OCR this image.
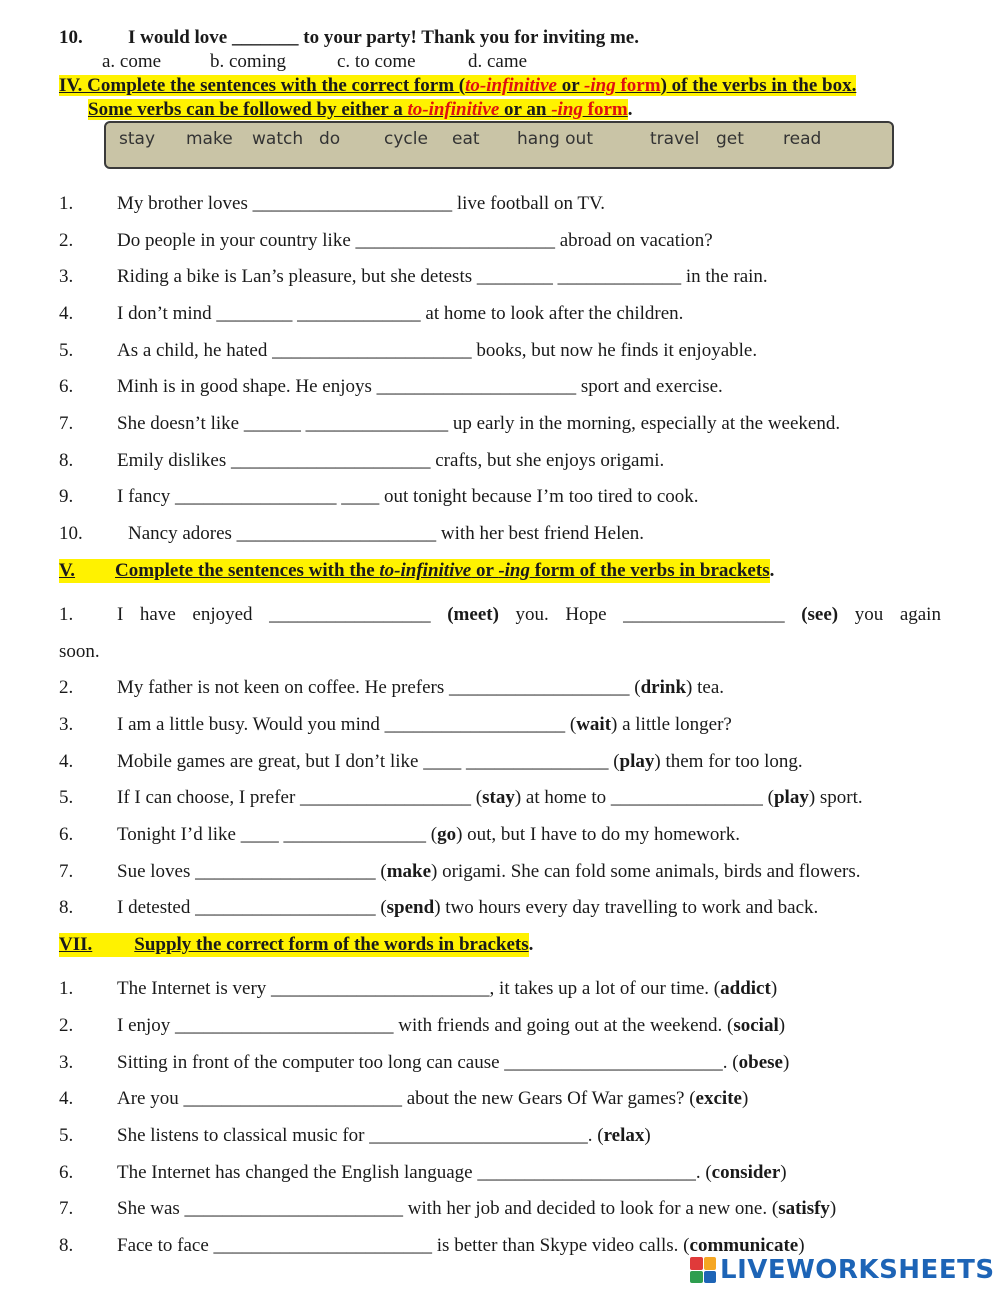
10. I would love _______ to your party! Thank you for inviting me.
a. come	b. coming	c. to come	d. came
IV. Complete the sentences with the correct form (to-infinitive or -ing form) of the verbs in the box.
Some verbs can be followed by either a to-infinitive or an -ing form.
stay make watch do	cycle eat hang out	travel get read
1. My brother loves _____________________ live football on TV.
2. Do people in your country like _____________________ abroad on vacation?
3. Riding a bike is Lan’s pleasure, but she detests ________ _____________ in the rain.
4. I don’t mind ________ _____________ at home to look after the children.
5. As a child, he hated _____________________ books, but now he finds it enjoyable.
6. Minh is in good shape. He enjoys _____________________ sport and exercise.
7. She doesn’t like ______ _______________ up early in the morning, especially at the weekend.
8. Emily dislikes _____________________ crafts, but she enjoys origami.
9. I fancy _________________ ____ out tonight because I’m too tired to cook.
10. Nancy adores _____________________ with her best friend Helen.
V. Complete the sentences with the to-infinitive or -ing form of the verbs in brackets.
1. I have enjoyed _________________ (meet) you. Hope _________________ (see) you again
soon.
2. My father is not keen on coffee. He prefers ___________________ (drink) tea.
3. I am a little busy. Would you mind ___________________ (wait) a little longer?
4. Mobile games are great, but I don’t like ____ _______________ (play) them for too long.
5. If I can choose, I prefer __________________ (stay) at home to ________________ (play) sport.
6. Tonight I’d like ____ _______________ (go) out, but I have to do my homework.
7. Sue loves ___________________ (make) origami. She can fold some animals, birds and flowers.
8. I detested ___________________ (spend) two hours every day travelling to work and back.
VII. Supply the correct form of the words in brackets.
1. The Internet is very _______________________, it takes up a lot of our time. (addict)
2. I enjoy _______________________ with friends and going out at the weekend. (social)
3. Sitting in front of the computer too long can cause _______________________. (obese)
4. Are you _______________________ about the new Gears Of War games? (excite)
5. She listens to classical music for _______________________. (relax)
6. The Internet has changed the English language _______________________. (consider)
7. She was _______________________ with her job and decided to look for a new one. (satisfy)
8. Face to face _______________________ is better than Skype video calls. (communicate)
LIVEWORKSHEETS
